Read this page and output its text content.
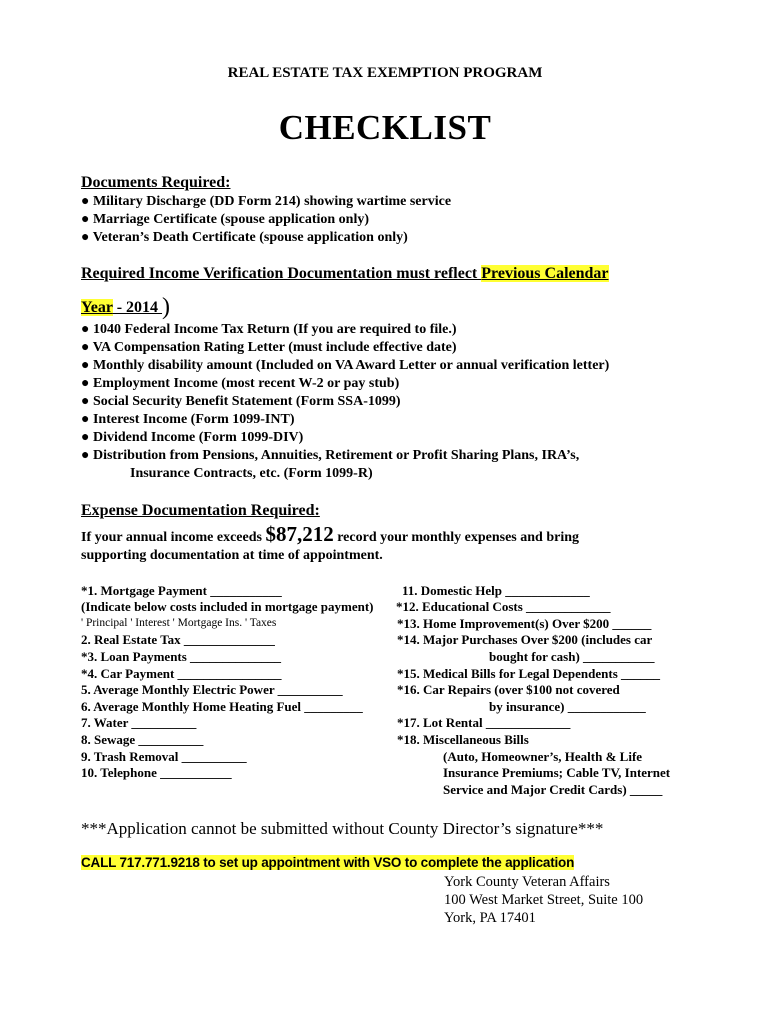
REAL ESTATE TAX EXEMPTION PROGRAM
CHECKLIST
Documents Required:
● Military Discharge (DD Form 214) showing wartime service
● Marriage Certificate (spouse application only)
● Veteran’s Death Certificate (spouse application only)
Required Income Verification Documentation must reflect Previous Calendar
Year - 2014 )
● 1040 Federal Income Tax Return (If you are required to file.)
● VA Compensation Rating Letter (must include effective date)
● Monthly disability amount (Included on VA Award Letter or annual verification letter)
● Employment Income (most recent W-2 or pay stub)
● Social Security Benefit Statement (Form SSA-1099)
● Interest Income (Form 1099-INT)
● Dividend Income (Form 1099-DIV)
● Distribution from Pensions, Annuities, Retirement or Profit Sharing Plans, IRA’s,
Insurance Contracts, etc. (Form 1099-R)
Expense Documentation Required:
If your annual income exceeds $87,212 record your monthly expenses and bring
supporting documentation at time of appointment.
*1. Mortgage Payment ___________
(Indicate below costs included in mortgage payment)
' Principal ' Interest ' Mortgage Ins. ' Taxes
2. Real Estate Tax ______________
*3. Loan Payments ______________
*4. Car Payment ________________
5. Average Monthly Electric Power __________
6. Average Monthly Home Heating Fuel _________
7. Water __________
8. Sewage __________
9. Trash Removal __________
10. Telephone ___________
11. Domestic Help _____________
*12. Educational Costs _____________
*13. Home Improvement(s) Over $200 ______
*14. Major Purchases Over $200 (includes car
bought for cash) ___________
*15. Medical Bills for Legal Dependents ______
*16. Car Repairs (over $100 not covered
by insurance) ____________
*17. Lot Rental _____________
*18. Miscellaneous Bills
(Auto, Homeowner’s, Health & Life
Insurance Premiums; Cable TV, Internet
Service and Major Credit Cards) _____
***Application cannot be submitted without County Director’s signature***
CALL 717.771.9218 to set up appointment with VSO to complete the application
York County Veteran Affairs
100 West Market Street, Suite 100
York, PA 17401
